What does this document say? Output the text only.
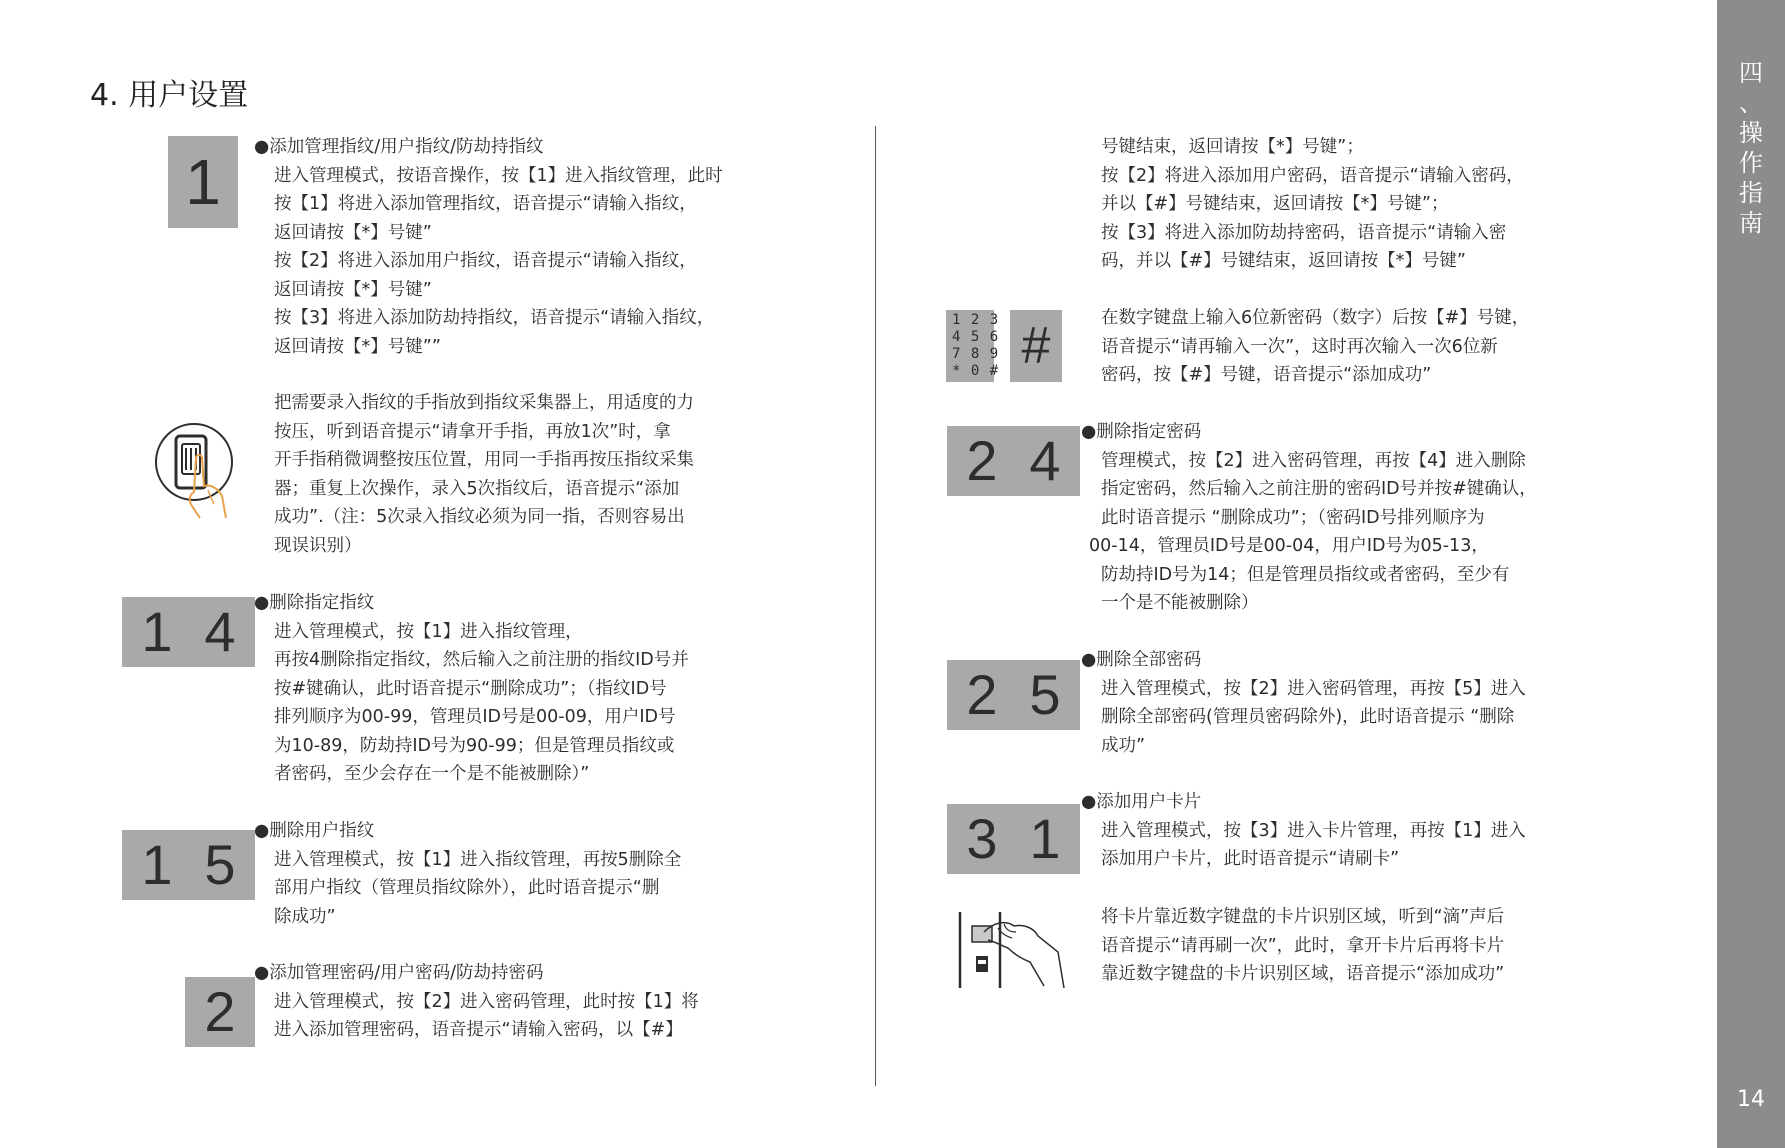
四
、
操
作
指
南
14
4. 用户设置
1	●添加管理指纹/用户指纹/防劫持指纹

进入管理模式，按语音操作，按【1】进入指纹管理，此时

按【1】将进入添加管理指纹，语音提示“请输入指纹，

返回请按【*】号键”

按【2】将进入添加用户指纹，语音提示“请输入指纹，

返回请按【*】号键”

按【3】将进入添加防劫持指纹，语音提示“请输入指纹，

返回请按【*】号键””

把需要录入指纹的手指放到指纹采集器上，用适度的力

按压，听到语音提示“请拿开手指，再放1次”时，拿

开手指稍微调整按压位置，用同一手指再按压指纹采集

器；重复上次操作，录入5次指纹后，语音提示“添加

成功”.（注：5次录入指纹必须为同一指，否则容易出

现误识别）

1 4	●删除指定指纹

进入管理模式，按【1】进入指纹管理，

再按4删除指定指纹，然后输入之前注册的指纹ID号并

按#键确认，此时语音提示“删除成功”；（指纹ID号

排列顺序为00-99，管理员ID号是00-09，用户ID号

为10-89，防劫持ID号为90-99；但是管理员指纹或

者密码，至少会存在一个是不能被删除）”

1 5

●删除用户指纹

进入管理模式，按【1】进入指纹管理，再按5删除全

部用户指纹（管理员指纹除外），此时语音提示“删

除成功”

2

●添加管理密码/用户密码/防劫持密码

进入管理模式，按【2】进入密码管理，此时按【1】将

进入添加管理密码，语音提示“请输入密码，以【#】

号键结束，返回请按【*】号键”；

按【2】将进入添加用户密码，语音提示“请输入密码，

并以【#】号键结束，返回请按【*】号键”；

按【3】将进入添加防劫持密码，语音提示“请输入密

码，并以【#】号键结束，返回请按【*】号键”

1 2 3
4 5 6
7 8 9
* 0 # #	在数字键盘上输入6位新密码（数字）后按【#】号键，

语音提示“请再输入一次”，这时再次输入一次6位新

密码，按【#】号键，语音提示“添加成功”

2 4	●删除指定密码

管理模式，按【2】进入密码管理，再按【4】进入删除

指定密码，然后输入之前注册的密码ID号并按#键确认，

此时语音提示 “删除成功”；（密码ID号排列顺序为

00-14，管理员ID号是00-04，用户ID号为05-13，

防劫持ID号为14；但是管理员指纹或者密码，至少有

一个是不能被删除）

2 5

●删除全部密码

进入管理模式，按【2】进入密码管理，再按【5】进入

删除全部密码(管理员密码除外)，此时语音提示 “删除

成功”

3 1

●添加用户卡片

进入管理模式，按【3】进入卡片管理，再按【1】进入

添加用户卡片，此时语音提示“请刷卡”

将卡片靠近数字键盘的卡片识别区域，听到“滴”声后

语音提示“请再刷一次”，此时，拿开卡片后再将卡片

靠近数字键盘的卡片识别区域，语音提示“添加成功”
